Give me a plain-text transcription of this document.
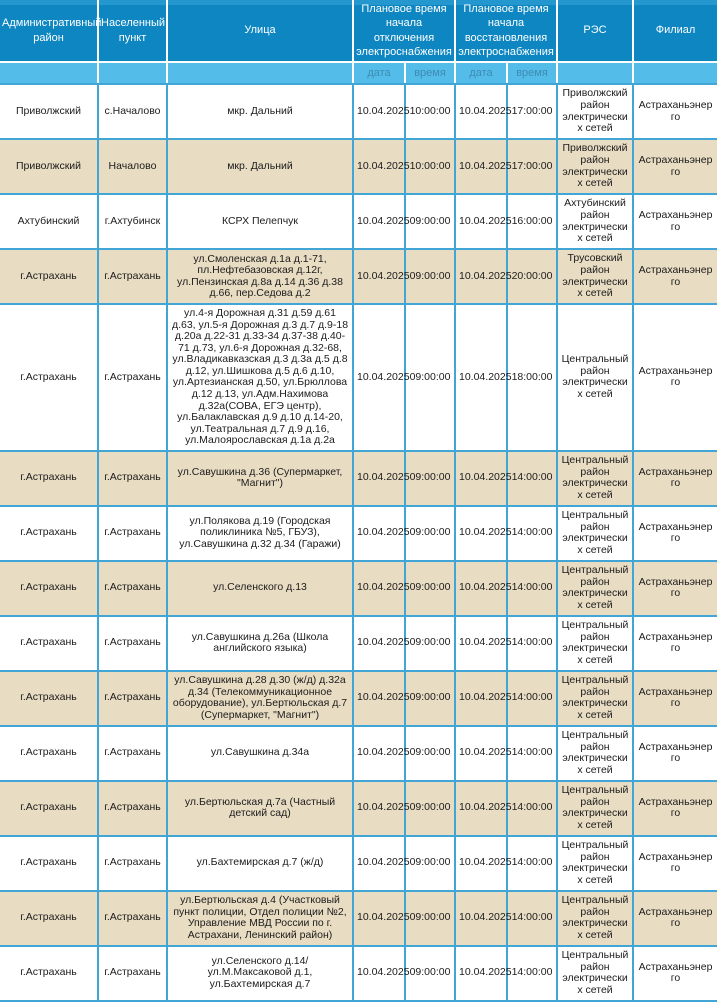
Административный район	Населенный пункт	Улица	Плановое время начала отключения электроснабжения		Плановое время начала восстановления электроснабжения		РЭС	Филиал
			дата	время	дата	время		
Приволжский	с.Началово	мкр. Дальний	10.04.2025	10:00:00	10.04.2025	17:00:00	Приволжский район электрических сетей	Астраханьэнерго
Приволжский	Началово	мкр. Дальний	10.04.2025	10:00:00	10.04.2025	17:00:00	Приволжский район электрических сетей	Астраханьэнерго
Ахтубинский	г.Ахтубинск	КСРХ Пелепчук	10.04.2025	09:00:00	10.04.2025	16:00:00	Ахтубинский район электрических сетей	Астраханьэнерго
г.Астрахань	г.Астрахань	ул.Смоленская д.1а д.1-71, пл.Нефтебазовская д.12г, ул.Пензинская д.8а д.14 д.36 д.38 д.66, пер.Седова д.2	10.04.2025	09:00:00	10.04.2025	20:00:00	Трусовский район электрических сетей	Астраханьэнерго
г.Астрахань	г.Астрахань	ул.4-я Дорожная д.31 д.59 д.61 д.63, ул.5-я Дорожная д.3 д.7 д.9-18 д.20а д.22-31 д.33-34 д.37-38 д.40-71 д.73, ул.6-я Дорожная д.32-68, ул.Владикавказская д.3 д.3а д.5 д.8 д.12, ул.Шишкова д.5 д.6 д.10, ул.Артезианская д.50, ул.Брюллова д.12 д.13, ул.Адм.Нахимова д.32а(СОВА, ЕГЭ центр), ул.Балаклавская д.9 д.10 д.14-20, ул.Театральная д.7 д.9 д.16, ул.Малоярославская д.1а д.2а	10.04.2025	09:00:00	10.04.2025	18:00:00	Центральный район электрических сетей	Астраханьэнерго
г.Астрахань	г.Астрахань	ул.Савушкина д.36 (Супермаркет, "Магнит")	10.04.2025	09:00:00	10.04.2025	14:00:00	Центральный район электрических сетей	Астраханьэнерго
г.Астрахань	г.Астрахань	ул.Полякова д.19 (Городская поликлиника №5, ГБУЗ), ул.Савушкина д.32 д.34 (Гаражи)	10.04.2025	09:00:00	10.04.2025	14:00:00	Центральный район электрических сетей	Астраханьэнерго
г.Астрахань	г.Астрахань	ул.Селенского д.13	10.04.2025	09:00:00	10.04.2025	14:00:00	Центральный район электрических сетей	Астраханьэнерго
г.Астрахань	г.Астрахань	ул.Савушкина д.26а (Школа английского языка)	10.04.2025	09:00:00	10.04.2025	14:00:00	Центральный район электрических сетей	Астраханьэнерго
г.Астрахань	г.Астрахань	ул.Савушкина д.28 д.30 (ж/д) д.32а д.34 (Телекоммуникационное оборудование), ул.Бертюльская д.7 (Супермаркет, "Магнит")	10.04.2025	09:00:00	10.04.2025	14:00:00	Центральный район электрических сетей	Астраханьэнерго
г.Астрахань	г.Астрахань	ул.Савушкина д.34а	10.04.2025	09:00:00	10.04.2025	14:00:00	Центральный район электрических сетей	Астраханьэнерго
г.Астрахань	г.Астрахань	ул.Бертюльская д.7а (Частный детский сад)	10.04.2025	09:00:00	10.04.2025	14:00:00	Центральный район электрических сетей	Астраханьэнерго
г.Астрахань	г.Астрахань	ул.Бахтемирская д.7 (ж/д)	10.04.2025	09:00:00	10.04.2025	14:00:00	Центральный район электрических сетей	Астраханьэнерго
г.Астрахань	г.Астрахань	ул.Бертюльская д.4 (Участковый пункт полиции, Отдел полиции №2, Управление МВД России по г. Астрахани, Ленинский район)	10.04.2025	09:00:00	10.04.2025	14:00:00	Центральный район электрических сетей	Астраханьэнерго
г.Астрахань	г.Астрахань	ул.Селенского д.14/ул.М.Максаковой д.1, ул.Бахтемирская д.7	10.04.2025	09:00:00	10.04.2025	14:00:00	Центральный район электрических сетей	Астраханьэнерго
